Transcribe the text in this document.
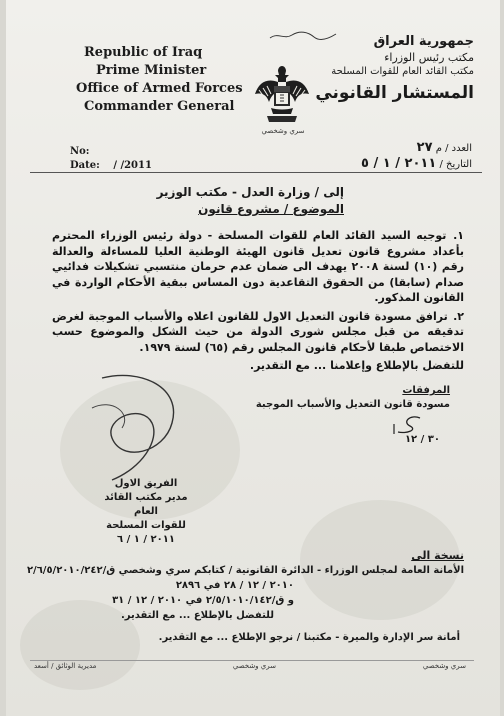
Republic of Iraq
Prime Minister
Office of Armed Forces
Commander General
سري وشخصي
جمهورية العراق
مكتب رئيس الوزراء
مكتب القائد العام للقوات المسلحة
المستشار القانوني
العدد / م ٢٧
التاريخ / ٢٠١١ / ١ / ٥
No:
Date: / /2011
إلى / وزارة العدل - مكتب الوزير
الموضوع / مشروع قانون

١. توجيه السيد القائد العام للقوات المسلحة - دولة رئيس الوزراء المحترم بأعداد مشروع قانون تعديل قانون الهيئة الوطنية العليا للمساءلة والعدالة رقم (١٠) لسنة ٢٠٠٨ يهدف الى ضمان عدم حرمان منتسبي تشكيلات فدائيي صدام (سابقا) من الحقوق التقاعدية دون المساس ببقية الأحكام الواردة في القانون المذكور.

٢. ترافق مسودة قانون التعديل الاول للقانون اعلاه والأسباب الموجبة لغرض تدقيقه من قبل مجلس شورى الدولة من حيث الشكل والموضوع حسب الاختصاص طبقا لأحكام قانون المجلس رقم (٦٥) لسنة ١٩٧٩.

للتفضل بالإطلاع وإعلامنا ... مع التقدير.

المرفقات
مسودة قانون التعديل والأسباب الموجبة
٣٠ / ١٢
الفريق الاول
مدير مكتب القائد العام
للقوات المسلحة
٢٠١١ / ١ / ٦
نسخة الى
الأمانة العامة لمجلس الوزراء - الدائرة القانونية / كتابكم سري وشخصي ق/٢/٦/٥/٢٠١٠/٢٤٢
٢٠١٠ / ١٢ / ٢٨ في ٢٨٩٦
و ق/٢/٥/١٠١٠/١٤٢ في ٢٠١٠ / ١٢ / ٣١
للتفضل بالإطلاع ... مع التقدير.
أمانة سر الإدارة والميرة - مكتبنا / نرجو الإطلاع ... مع التقدير.
سري وشخصي
سري وشخصي
مديرية الوثائق / أسعد
